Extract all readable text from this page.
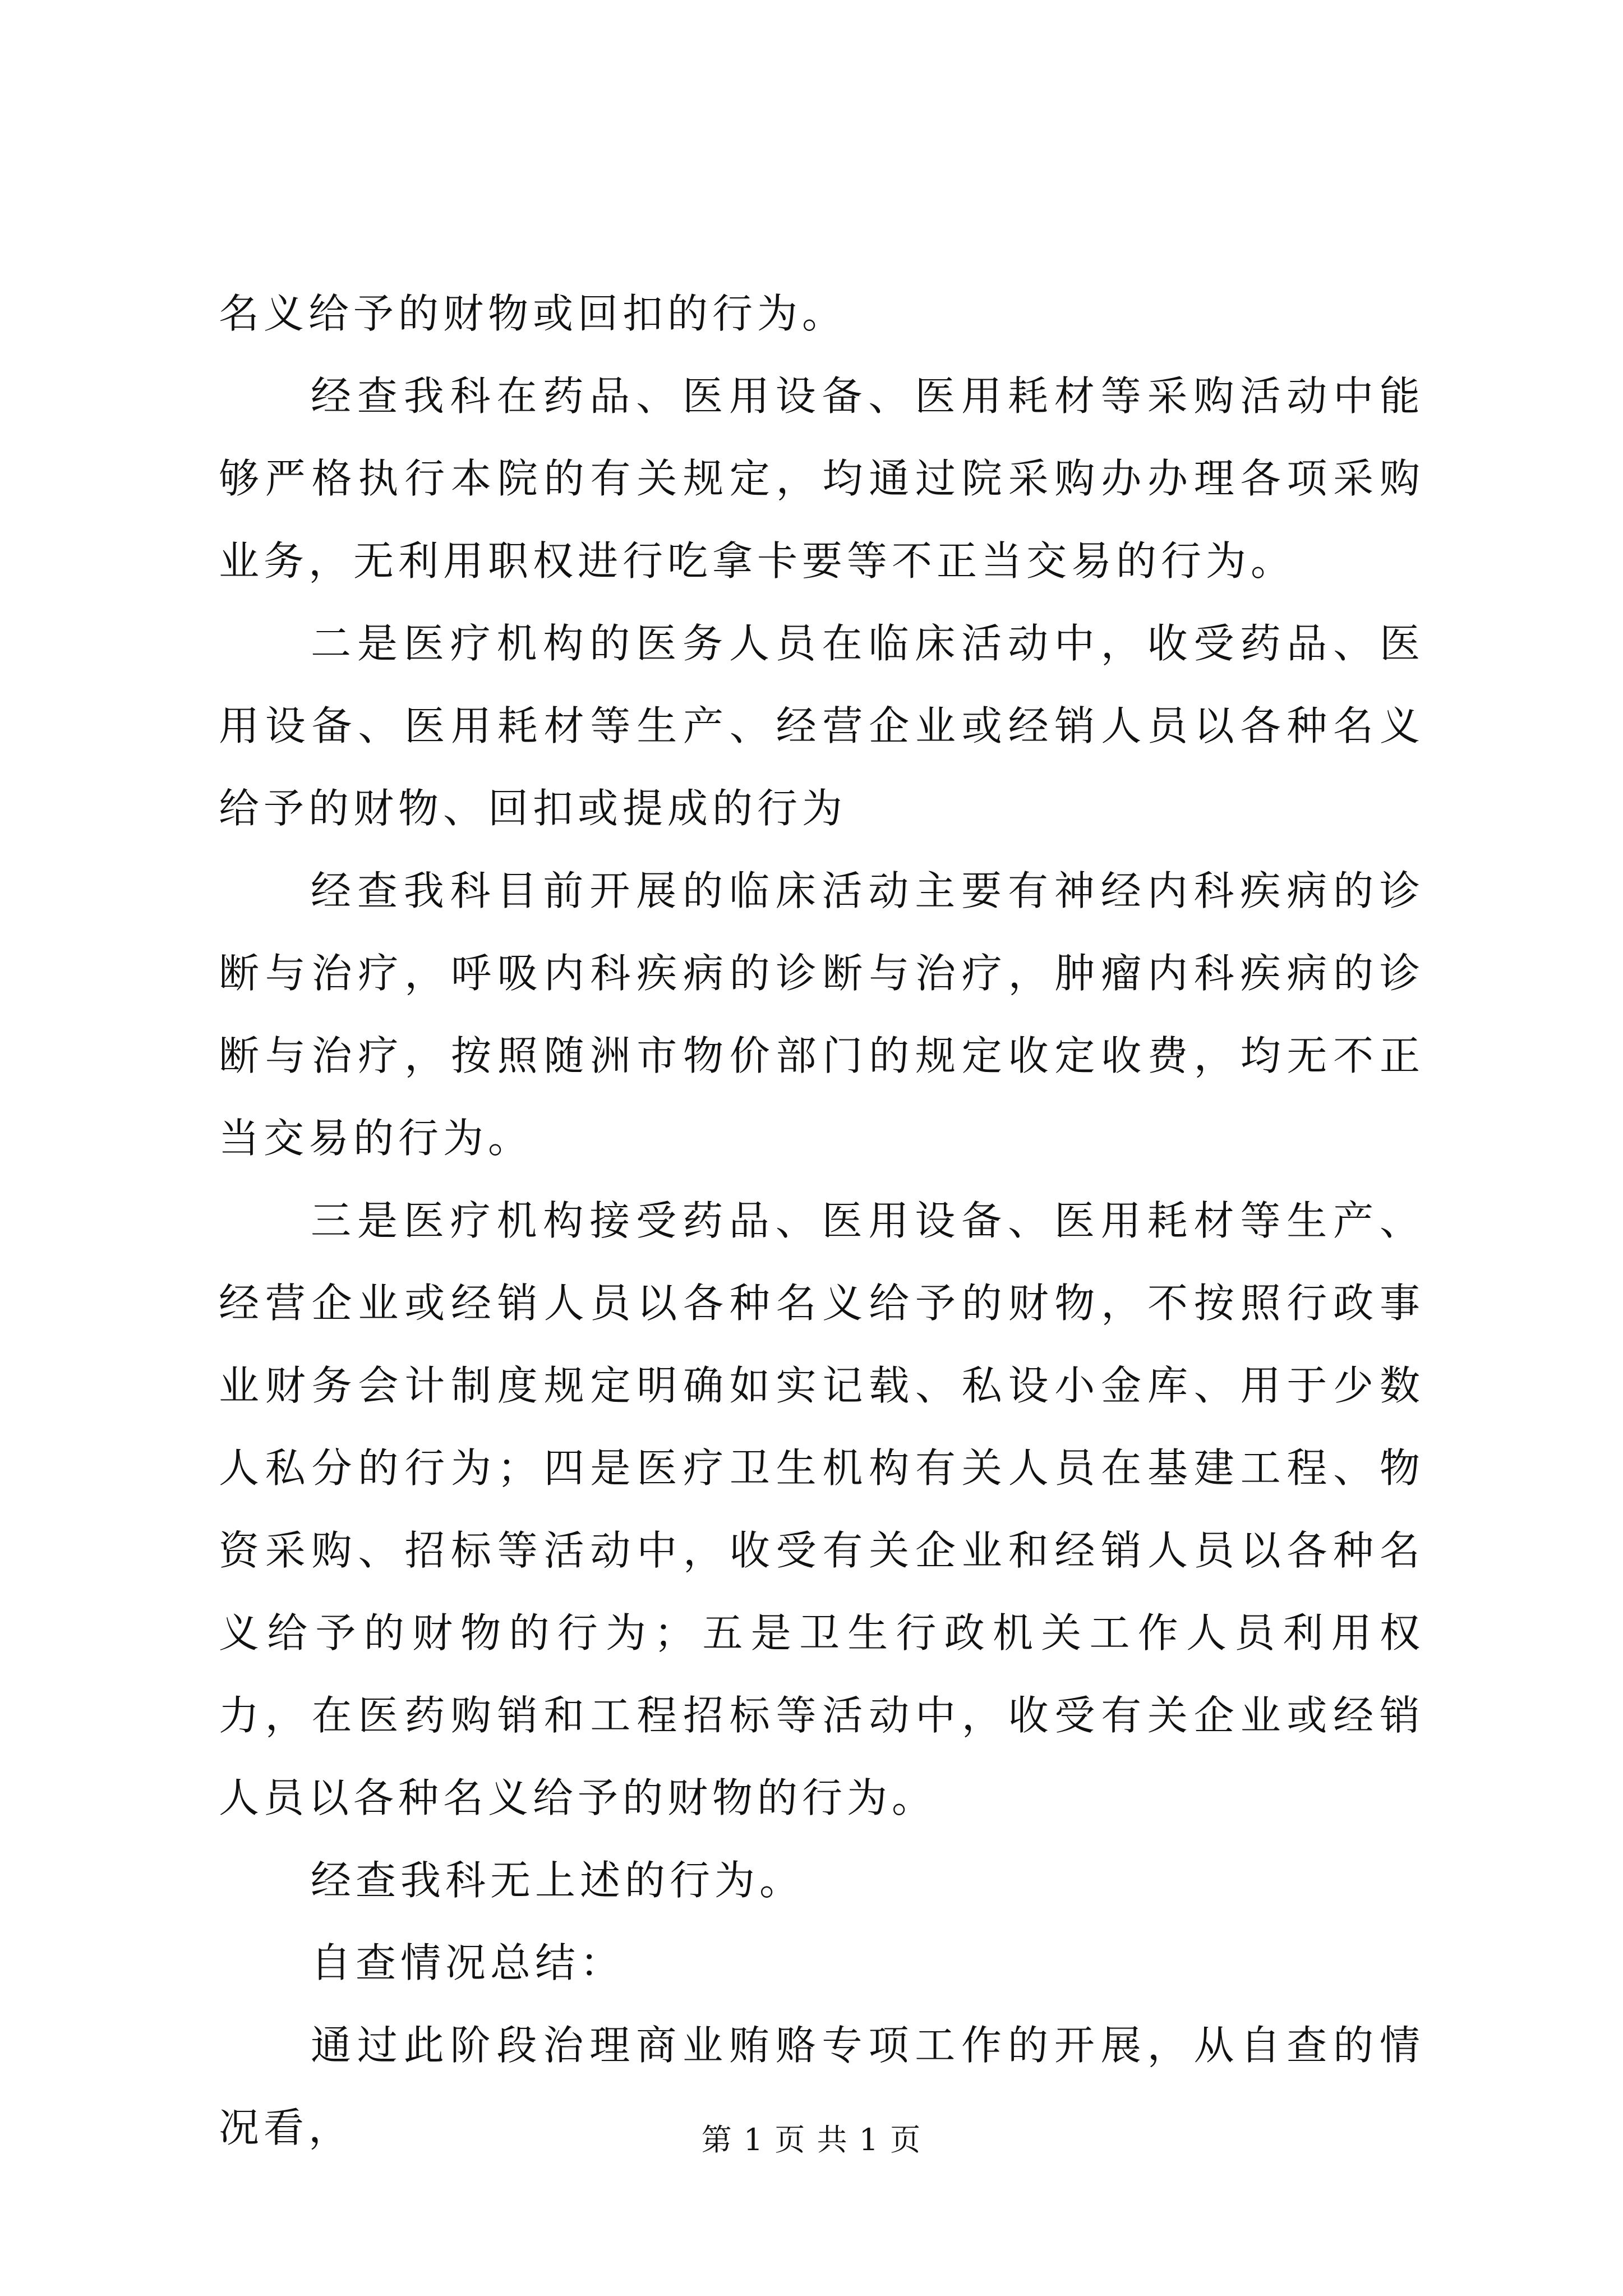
名义给予的财物或回扣的行为。

经查我科在药品、医用设备、医用耗材等采购活动中能够严格执行本院的有关规定，均通过院采购办办理各项采购业务，无利用职权进行吃拿卡要等不正当交易的行为。

二是医疗机构的医务人员在临床活动中，收受药品、医用设备、医用耗材等生产、经营企业或经销人员以各种名义给予的财物、回扣或提成的行为

经查我科目前开展的临床活动主要有神经内科疾病的诊断与治疗，呼吸内科疾病的诊断与治疗，肿瘤内科疾病的诊断与治疗，按照随洲市物价部门的规定收定收费，均无不正当交易的行为。

三是医疗机构接受药品、医用设备、医用耗材等生产、经营企业或经销人员以各种名义给予的财物，不按照行政事业财务会计制度规定明确如实记载、私设小金库、用于少数人私分的行为；四是医疗卫生机构有关人员在基建工程、物资采购、招标等活动中，收受有关企业和经销人员以各种名义给予的财物的行为；五是卫生行政机关工作人员利用权力，在医药购销和工程招标等活动中，收受有关企业或经销人员以各种名义给予的财物的行为。

经查我科无上述的行为。

自查情况总结：

通过此阶段治理商业贿赂专项工作的开展，从自查的情况看，	第 1 页 共 1 页
